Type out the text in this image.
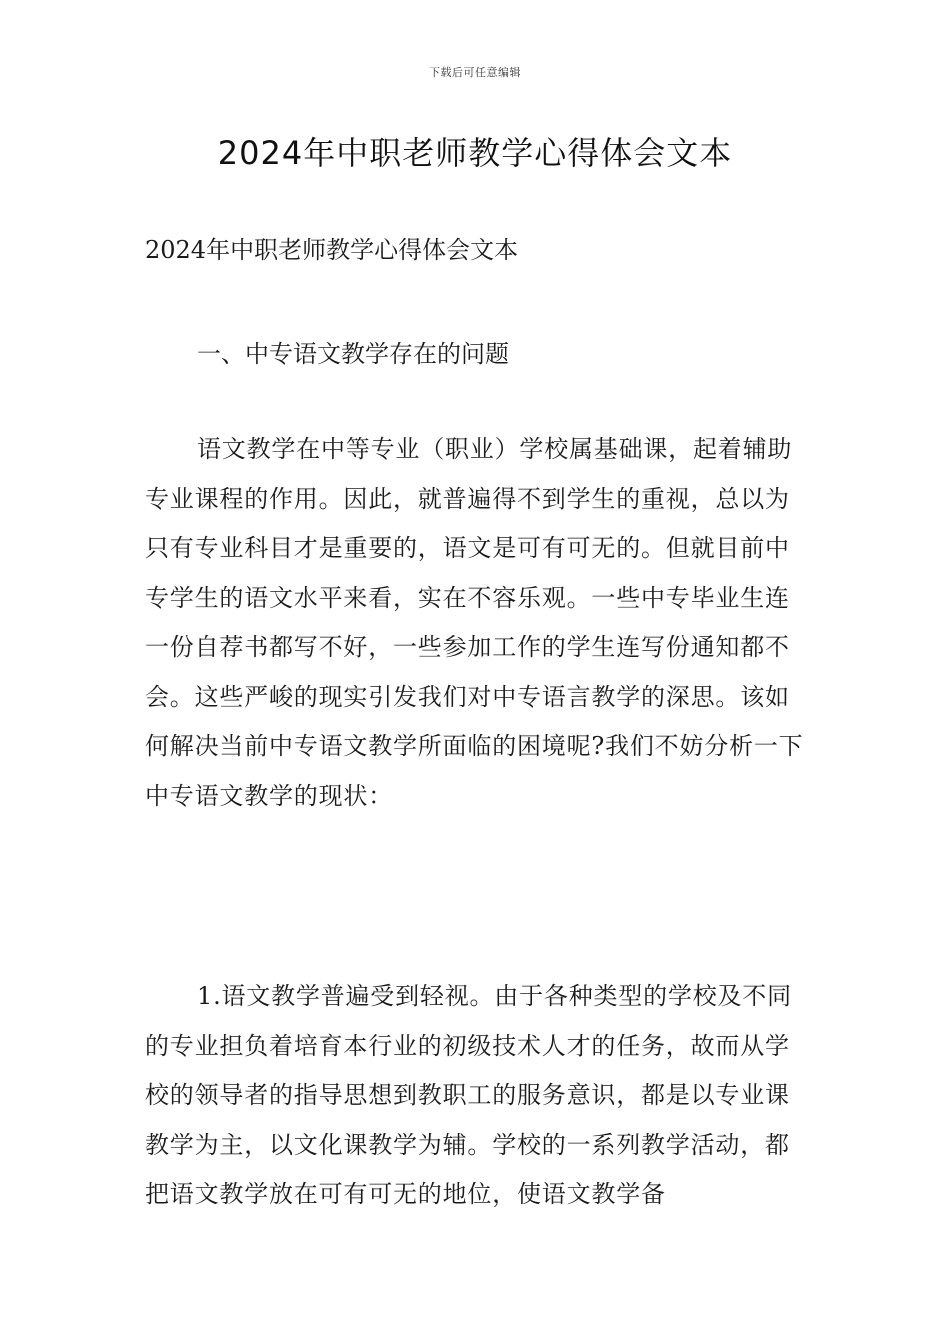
下载后可任意编辑
2024年中职老师教学心得体会文本

2024年中职老师教学心得体会文本

一、中专语文教学存在的问题

语文教学在中等专业（职业）学校属基础课，起着辅助专业课程的作用。因此，就普遍得不到学生的重视，总以为只有专业科目才是重要的，语文是可有可无的。但就目前中专学生的语文水平来看，实在不容乐观。一些中专毕业生连一份自荐书都写不好，一些参加工作的学生连写份通知都不会。这些严峻的现实引发我们对中专语言教学的深思。该如何解决当前中专语文教学所面临的困境呢?我们不妨分析一下中专语文教学的现状：

1.语文教学普遍受到轻视。由于各种类型的学校及不同的专业担负着培育本行业的初级技术人才的任务，故而从学校的领导者的指导思想到教职工的服务意识，都是以专业课教学为主，以文化课教学为辅。学校的一系列教学活动，都把语文教学放在可有可无的地位，使语文教学备
